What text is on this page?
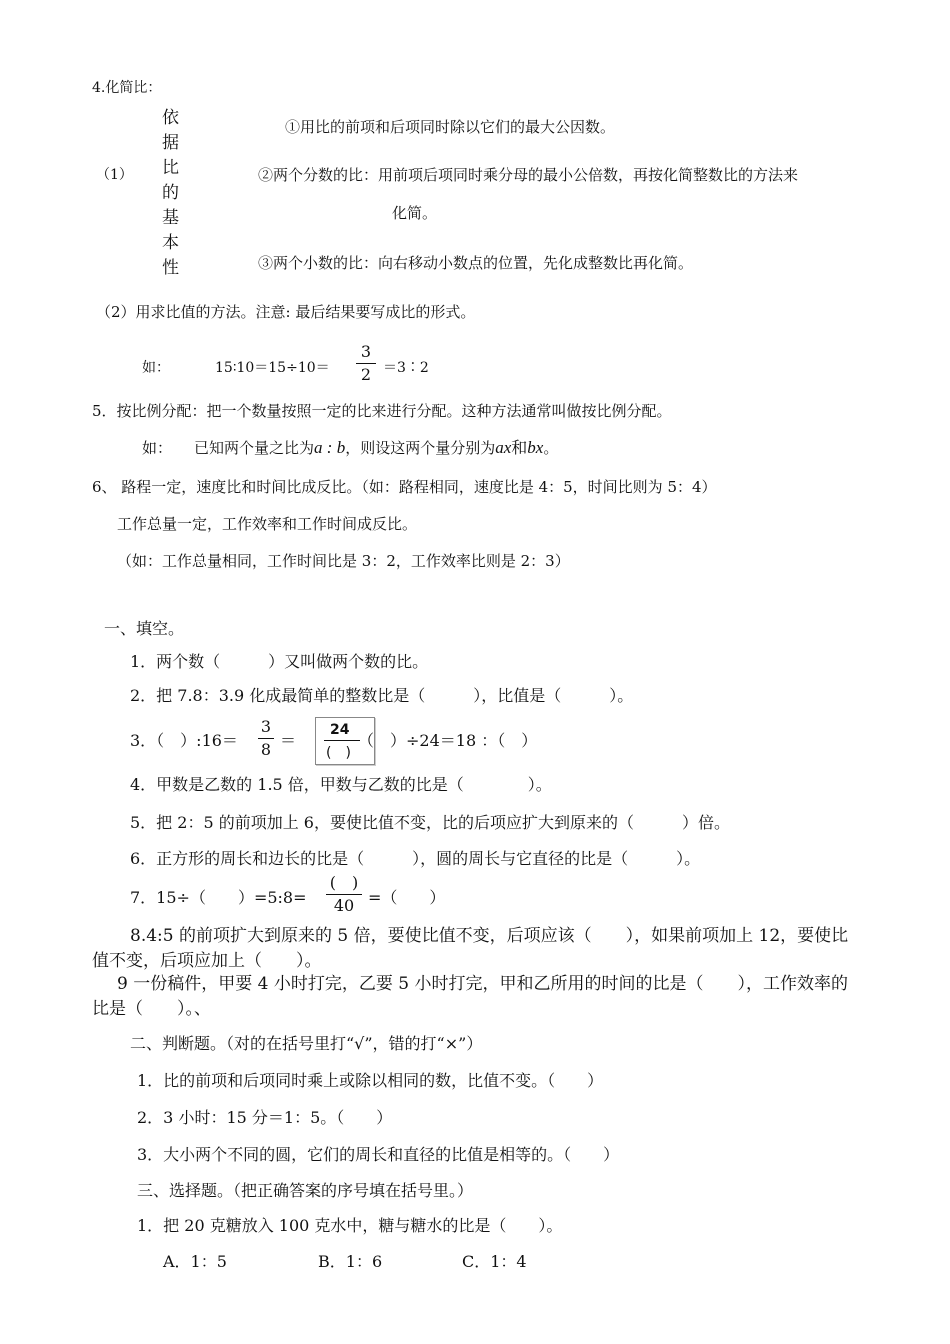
4.化简比：
依
据
比
的
基
本
性
（1）
①用比的前项和后项同时除以它们的最大公因数。
②两个分数的比：用前项后项同时乘分母的最小公倍数，再按化简整数比的方法来
化简。
③两个小数的比：向右移动小数点的位置，先化成整数比再化简。
（2）用求比值的方法。注意: 最后结果要写成比的形式。
如：	15∶10＝15÷10＝
3
2 ＝3∶2
5．按比例分配：把一个数量按照一定的比来进行分配。这种方法通常叫做按比例分配。
如： 已知两个量之比为a : b，则设这两个量分别为ax和bx。
6、 路程一定，速度比和时间比成反比。（如：路程相同，速度比是 4：5，时间比则为 5：4）
工作总量一定，工作效率和工作时间成反比。
（如：工作总量相同，工作时间比是 3：2，工作效率比则是 2：3）
一、填空。
1．两个数（　　　）又叫做两个数的比。
2．把 7.8：3.9 化成最简单的整数比是（　　　），比值是（　　　）。
3．（　）:16＝
3
8 ＝
24
(　)
（　）÷24＝18 ：（　）
4．甲数是乙数的 1.5 倍，甲数与乙数的比是（　　　　）。
5．把 2：5 的前项加上 6，要使比值不变，比的后项应扩大到原来的（　　　）倍。
6．正方形的周长和边长的比是（　　　），圆的周长与它直径的比是（　　　）。
7．15÷（　　）=5:8=
(　)
40 =（　　）
8.4:5 的前项扩大到原来的 5 倍，要使比值不变，后项应该（　　），如果前项加上 12，要使比值不变，后项应加上（　　）。
9 一份稿件，甲要 4 小时打完，乙要 5 小时打完，甲和乙所用的时间的比是（　　），工作效率的比是（　　）。、
二、判断题。（对的在括号里打“√”，错的打“×”）
1．比的前项和后项同时乘上或除以相同的数，比值不变。（　　）
2．3 小时：15 分＝1：5。（　　）
3．大小两个不同的圆，它们的周长和直径的比值是相等的。（　　）
三、选择题。（把正确答案的序号填在括号里。）
1．把 20 克糖放入 100 克水中，糖与糖水的比是（　　）。
A．1：5	B．1：6	C．1：4
